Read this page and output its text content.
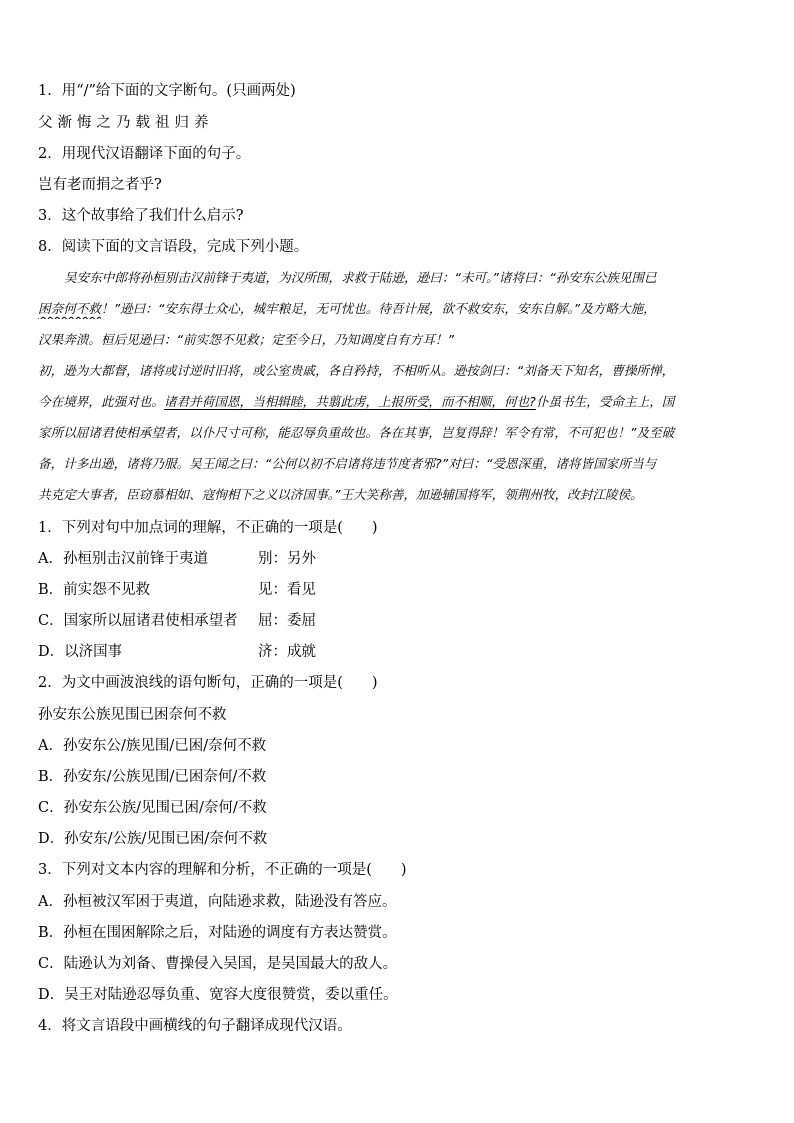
1．用“/”给下面的文字断句。(只画两处)
父渐悔之乃载祖归养
2．用现代汉语翻译下面的句子。
岂有老而捐之者乎?
3．这个故事给了我们什么启示?
8．阅读下面的文言语段，完成下列小题。
吴安东中郎将孙桓别击汉前锋于夷道，为汉所围，求救于陆逊，逊曰：“未可。”诸将曰：“孙安东公族见围已
困奈何不救！”逊曰：“安东得士众心，城牢粮足，无可忧也。待吾计展，欲不救安东，安东自解。”及方略大施，
汉果奔溃。桓后见逊曰：“前实怨不见救；定至今日，乃知调度自有方耳！”
初，逊为大都督，诸将或讨逆时旧将，或公室贵戚，各自矜持，不相听从。逊按剑曰：“刘备天下知名，曹操所惮，
今在境界，此强对也。诸君并荷国恩，当相辑睦，共翦此虏，上报所受，而不相顺，何也?仆虽书生，受命主上，国
家所以屈诸君使相承望者，以仆尺寸可称，能忍辱负重故也。各在其事，岂复得辞！军令有常，不可犯也！”及至破
备，计多出逊，诸将乃服。吴王闻之曰：“公何以初不启诸将违节度者邪?”对曰：“受恩深重，诸将皆国家所当与
共克定大事者，臣窃慕相如、寇恂相下之义以济国事。”王大笑称善，加逊辅国将军，领荆州牧，改封江陵侯。
1．下列对句中加点词的理解，不正确的一项是(　　)
A．孙桓别击汉前锋于夷道	别：另外
B．前实怨不见救	见：看见
C．国家所以屈诸君使相承望者 屈：委屈
D．以济国事	济：成就
2．为文中画波浪线的语句断句，正确的一项是(　　)
孙安东公族见围已困奈何不救
A．孙安东公/族见围/已困/奈何不救
B．孙安东/公族见围/已困奈何/不救
C．孙安东公族/见围已困/奈何/不救
D．孙安东/公族/见围已困/奈何不救
3．下列对文本内容的理解和分析，不正确的一项是(　　)
A．孙桓被汉军困于夷道，向陆逊求救，陆逊没有答应。
B．孙桓在围困解除之后，对陆逊的调度有方表达赞赏。
C．陆逊认为刘备、曹操侵入吴国，是吴国最大的敌人。
D．吴王对陆逊忍辱负重、宽容大度很赞赏，委以重任。
4．将文言语段中画横线的句子翻译成现代汉语。
